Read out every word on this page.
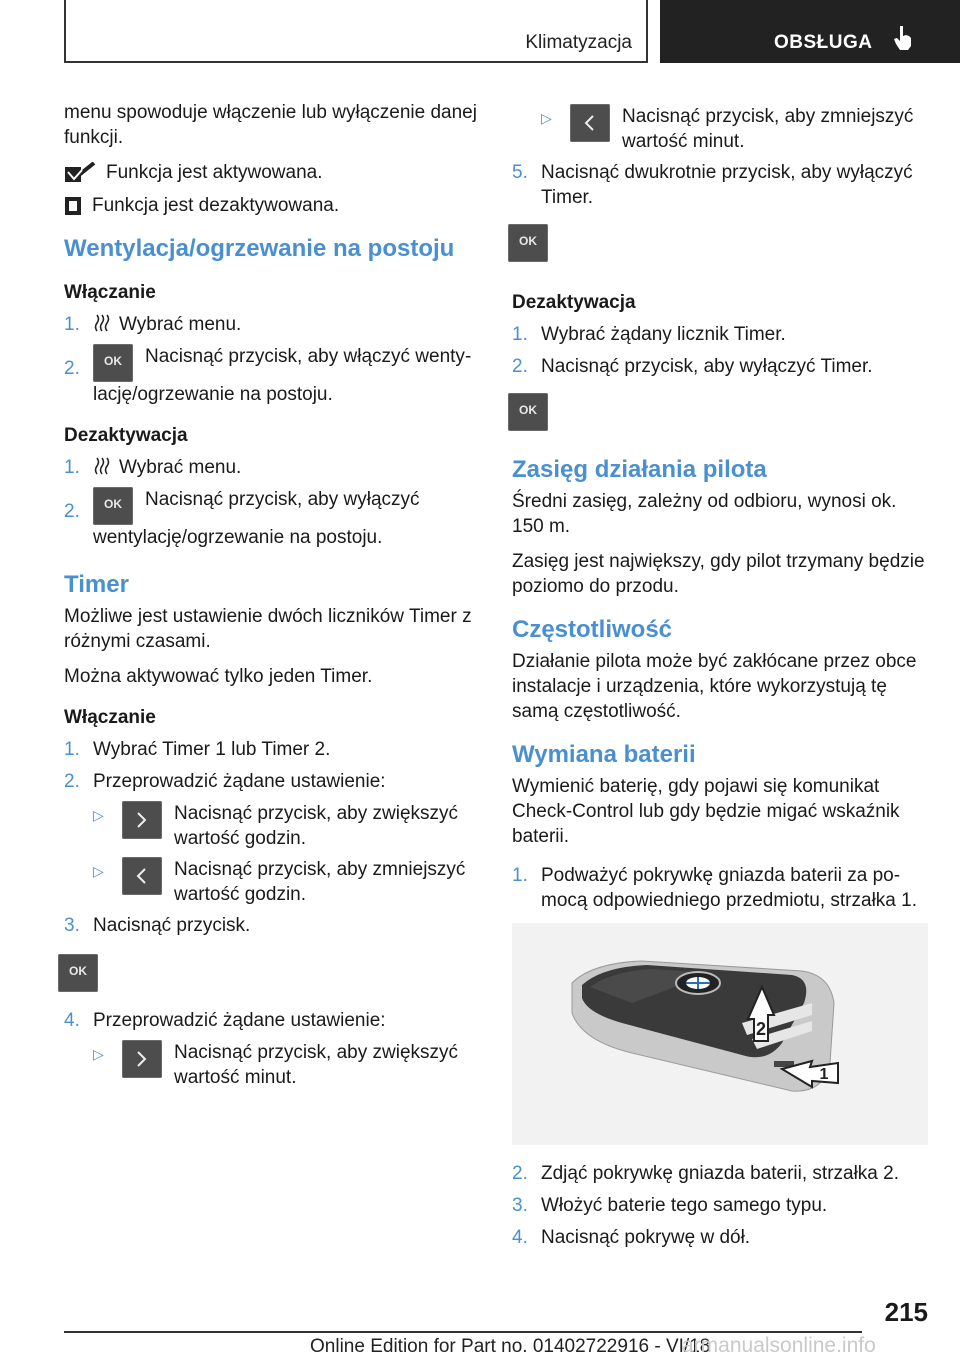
Klimatyzacja	OBSŁUGA

menu spowoduje włączenie lub wyłączenie danej funkcji.

Funkcja jest aktywowana.
Funkcja jest dezaktywowana.
Wentylacja/ogrzewanie na postoju
Włączanie
1.	Wybrać menu.
2.
OKNacisnąć przycisk, aby włączyć wentylację/ogrzewanie na postoju.
Dezaktywacja
1.	Wybrać menu.
2.
OKNacisnąć przycisk, aby wyłączyć wentylację/ogrzewanie na postoju.
Timer

Możliwe jest ustawienie dwóch liczników Timer z różnymi czasami.

Można aktywować tylko jeden Timer.

Włączanie
1. Wybrać Timer 1 lub Timer 2.
2. Przeprowadzić żądane ustawienie:
▷	Nacisnąć przycisk, aby zwiększyć wartość godzin.
▷	Nacisnąć przycisk, aby zmniejszyć wartość godzin.
3. Nacisnąć przycisk.
OK
4. Przeprowadzić żądane ustawienie:
▷	Nacisnąć przycisk, aby zwiększyć wartość minut.
▷	Nacisnąć przycisk, aby zmniejszyć wartość minut.
5. Nacisnąć dwukrotnie przycisk, aby wyłączyć Timer.
OK
Dezaktywacja
1. Wybrać żądany licznik Timer.
2. Nacisnąć przycisk, aby wyłączyć Timer.
OK
Zasięg działania pilota

Średni zasięg, zależny od odbioru, wynosi ok. 150 m.

Zasięg jest największy, gdy pilot trzymany będzie poziomo do przodu.

Częstotliwość

Działanie pilota może być zakłócane przez obce instalacje i urządzenia, które wykorzystują tę samą częstotliwość.

Wymiana baterii

Wymienić baterię, gdy pojawi się komunikat Check-Control lub gdy będzie migać wskaźnik baterii.

1. Podważyć pokrywkę gniazda baterii za pomocą odpowiedniego przedmiotu, strzałka 1.
2
1
2. Zdjąć pokrywkę gniazda baterii, strzałka 2.
3. Włożyć baterie tego samego typu.
4. Nacisnąć pokrywę w dół.
215
Online Edition for Part no. 01402722916 - VI/18
armanualsonline.info
